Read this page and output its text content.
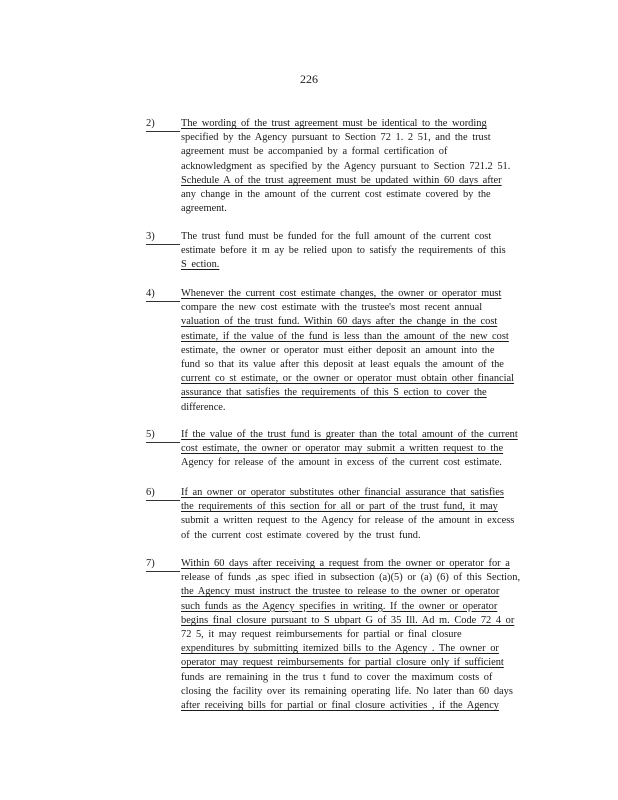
226
2)	The wording of the trust agreement must be identical to the wording
specified by the Agency pursuant to Section 72 1. 2 51, and the trust
agreement must be accompanied by a formal certification of
acknowledgment as specified by the Agency pursuant to Section 721.2 51.
Schedule A of the trust agreement must be updated within 60 days after
any change in the amount of the current cost estimate covered by the
agreement.
3)	The trust fund must be funded for the full amount of the current cost
estimate before it m ay be relied upon to satisfy the requirements of this
S ection.
4)	Whenever the current cost estimate changes, the owner or operator must
compare the new cost estimate with the trustee's most recent annual
valuation of the trust fund. Within 60 days after the change in the cost
estimate, if the value of the fund is less than the amount of the new cost
estimate, the owner or operator must either deposit an amount into the
fund so that its value after this deposit at least equals the amount of the
current co st estimate, or the owner or operator must obtain other financial
assurance that satisfies the requirements of this S ection to cover the
difference.
5)	If the value of the trust fund is greater than the total amount of the current
cost estimate, the owner or operator may submit a written request to the
Agency for release of the amount in excess of the current cost estimate.
6)	If an owner or operator substitutes other financial assurance that satisfies
the requirements of this section for all or part of the trust fund, it may
submit a written request to the Agency for release of the amount in excess
of the current cost estimate covered by the trust fund.
7)	Within 60 days after receiving a request from the owner or operator for a
release of funds ,as spec ified in subsection (a)(5) or (a) (6) of this Section,
the Agency must instruct the trustee to release to the owner or operator
such funds as the Agency specifies in writing. If the owner or operator
begins final closure pursuant to S ubpart G of 35 Ill. Ad m. Code 72 4 or
72 5, it may request reimbursements for partial or final closure
expenditures by submitting itemized bills to the Agency . The owner or
operator may request reimbursements for partial closure only if sufficient
funds are remaining in the trus t fund to cover the maximum costs of
closing the facility over its remaining operating life. No later than 60 days
after receiving bills for partial or final closure activities , if the Agency
